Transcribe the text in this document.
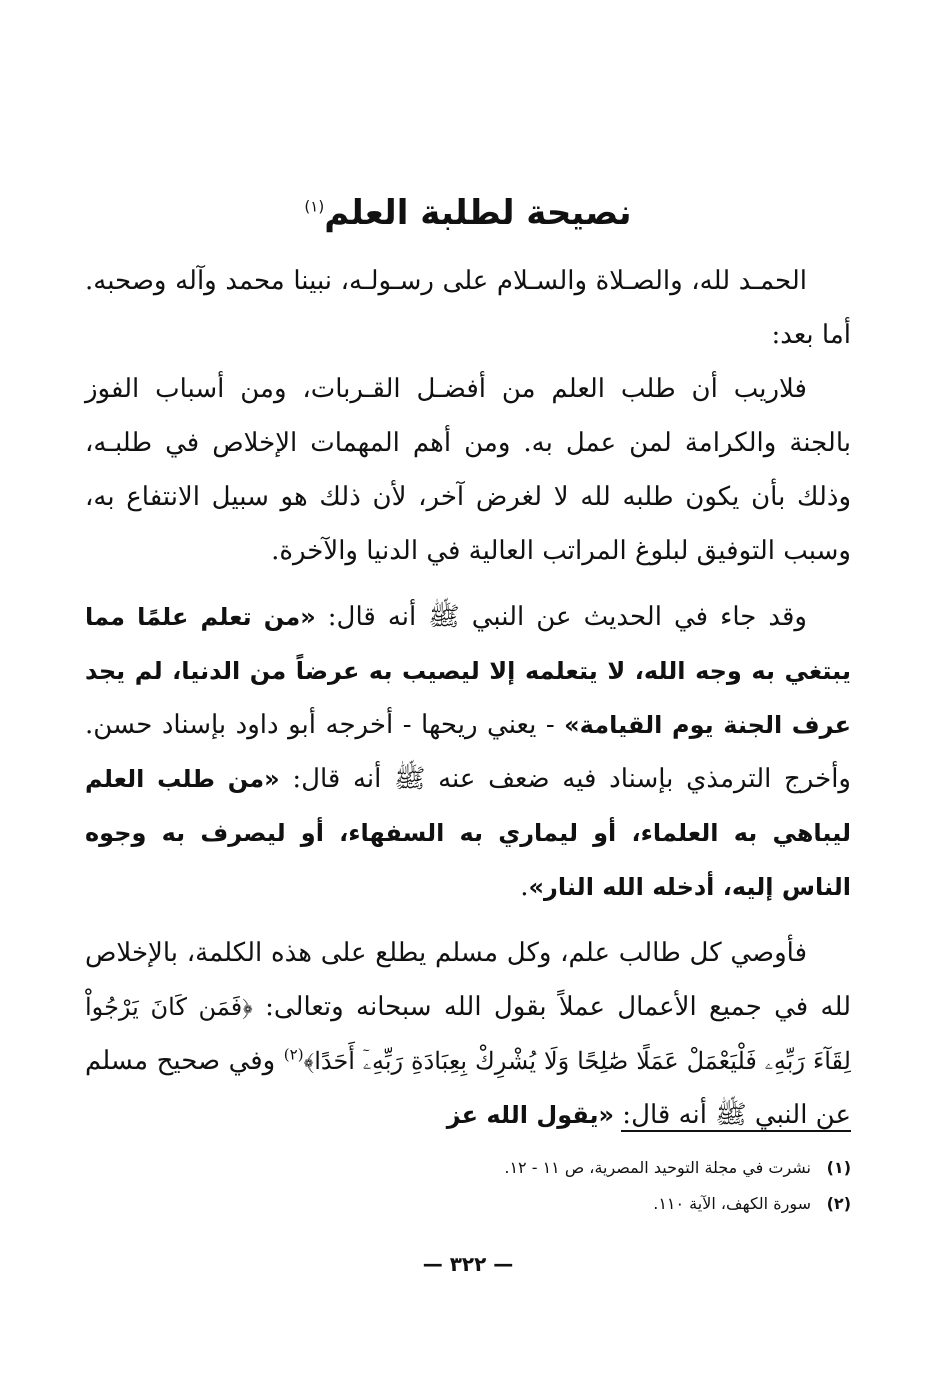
نصيحة لطلبة العلم$^{(١)}$

الحمـد لله، والصـلاة والسـلام على رسـولـه، نبينا محمد وآله وصحبه. أما بعد:

فلاريب أن طلب العلم من أفضـل القـربات، ومن أسباب الفوز بالجنة والكرامة لمن عمل به. ومن أهم المهمات الإخلاص في طلبـه، وذلك بأن يكون طلبه لله لا لغرض آخر، لأن ذلك هو سبيل الانتفاع به، وسبب التوفيق لبلوغ المراتب العالية في الدنيا والآخرة.

وقد جاء في الحديث عن النبي ﷺ أنه قال: «من تعلم علمًا مما يبتغي به وجه الله، لا يتعلمه إلا ليصيب به عرضاً من الدنيا، لم يجد عرف الجنة يوم القيامة» - يعني ريحها - أخرجه أبو داود بإسناد حسن. وأخرج الترمذي بإسناد فيه ضعف عنه ﷺ أنه قال: «من طلب العلم ليباهي به العلماء، أو ليماري به السفهاء، أو ليصرف به وجوه الناس إليه، أدخله الله النار».

فأوصي كل طالب علم، وكل مسلم يطلع على هذه الكلمة، بالإخلاص لله في جميع الأعمال عملاً بقول الله سبحانه وتعالى: ﴿فَمَن كَانَ يَرْجُواْ لِقَآءَ رَبِّهِۦ فَلْيَعْمَلْ عَمَلًا صَٰلِحًا وَلَا يُشْرِكْ بِعِبَادَةِ رَبِّهِۦٓ أَحَدًا﴾$^{(٢)}$ وفي صحيح مسلم عن النبي ﷺ أنه قال: «يقول الله عز

(١)نشرت في مجلة التوحيد المصرية، ص ١١ - ١٢.

(٢)سورة الكهف، الآية ١١٠.

— ٣٢٢ —
